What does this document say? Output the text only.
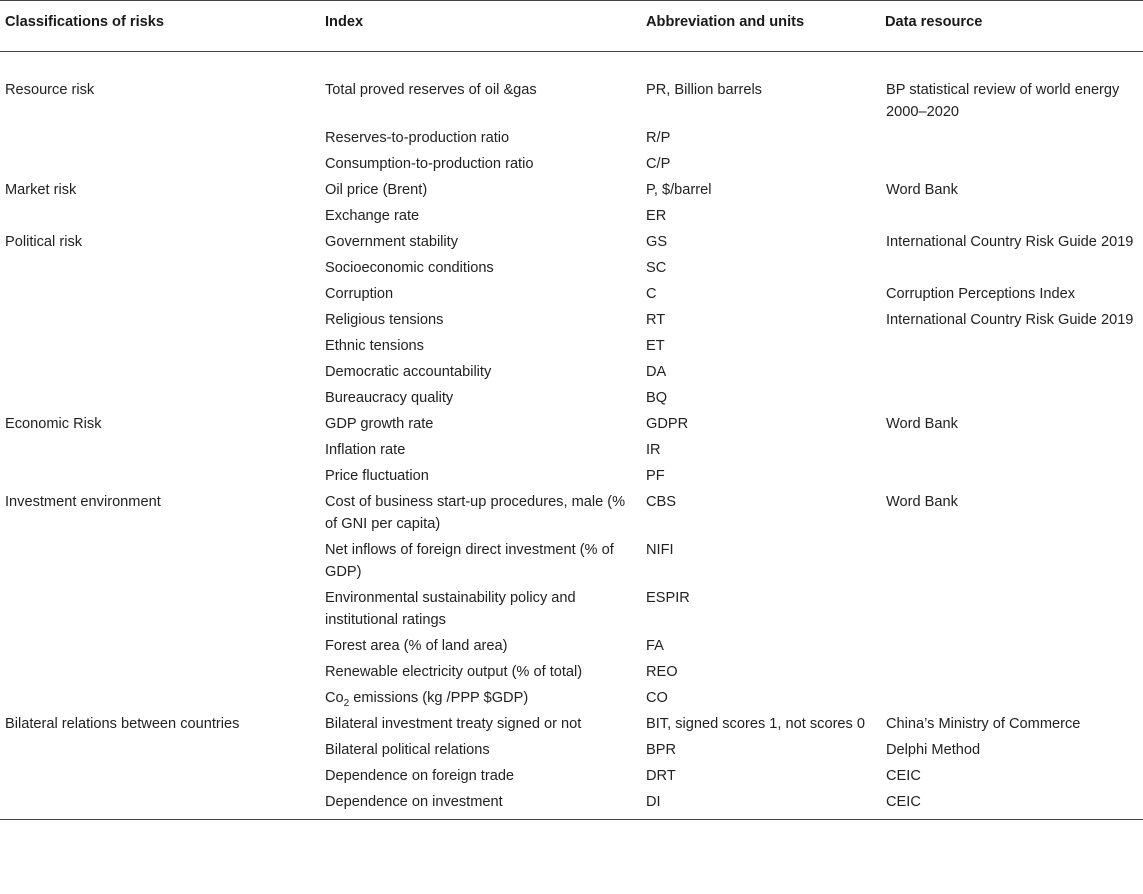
Classifications of risks	Index	Abbreviation and units	Data resource
Resource risk	Total proved reserves of oil &gas	PR, Billion barrels	BP statistical review of world energy 2000–2020
	Reserves-to-production ratio	R/P	
	Consumption-to-production ratio	C/P	
Market risk	Oil price (Brent)	P, $/barrel	Word Bank
	Exchange rate	ER	
Political risk	Government stability	GS	International Country Risk Guide 2019
	Socioeconomic conditions	SC	
	Corruption	C	Corruption Perceptions Index
	Religious tensions	RT	International Country Risk Guide 2019
	Ethnic tensions	ET	
	Democratic accountability	DA	
	Bureaucracy quality	BQ	
Economic Risk	GDP growth rate	GDPR	Word Bank
	Inflation rate	IR	
	Price fluctuation	PF	
Investment environment	Cost of business start-up procedures, male (% of GNI per capita)	CBS	Word Bank
	Net inflows of foreign direct investment (% of GDP)	NIFI	
	Environmental sustainability policy and institutional ratings	ESPIR	
	Forest area (% of land area)	FA	
	Renewable electricity output (% of total)	REO	
	$Co_2$ emissions (kg /PPP $GDP)	CO	
Bilateral relations between countries	Bilateral investment treaty signed or not	BIT, signed scores 1, not scores 0	China’s Ministry of Commerce
	Bilateral political relations	BPR	Delphi Method
	Dependence on foreign trade	DRT	CEIC
	Dependence on investment	DI	CEIC
